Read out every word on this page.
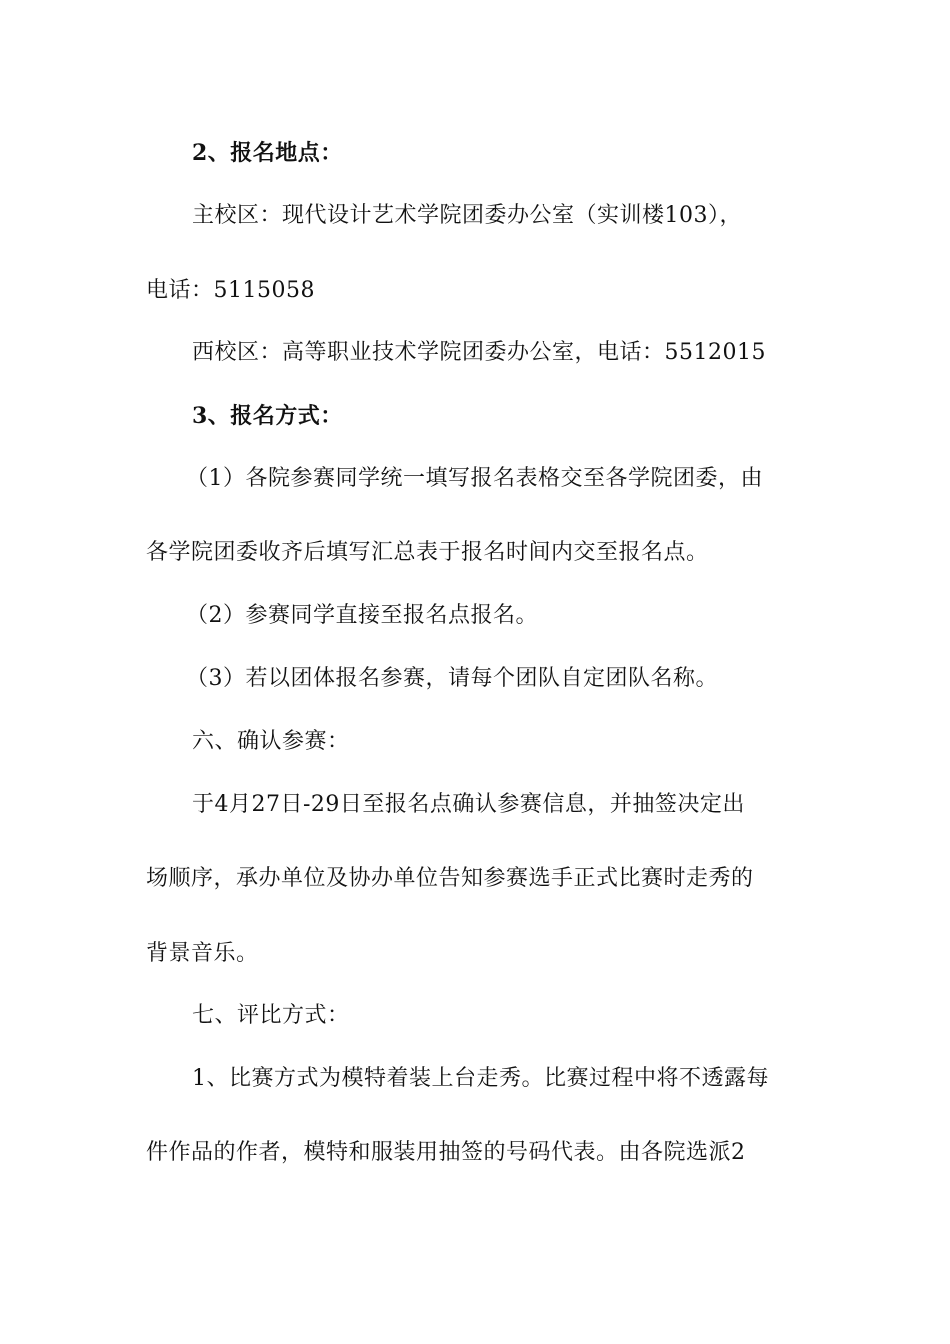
2、报名地点：
主校区：现代设计艺术学院团委办公室（实训楼103），
电话：5115058
西校区：高等职业技术学院团委办公室，电话：5512015
3、报名方式：
（1）各院参赛同学统一填写报名表格交至各学院团委，由
各学院团委收齐后填写汇总表于报名时间内交至报名点。
（2）参赛同学直接至报名点报名。
（3）若以团体报名参赛，请每个团队自定团队名称。
六、确认参赛：
于4月27日-29日至报名点确认参赛信息，并抽签决定出
场顺序，承办单位及协办单位告知参赛选手正式比赛时走秀的
背景音乐。
七、评比方式：
1、比赛方式为模特着装上台走秀。比赛过程中将不透露每
件作品的作者，模特和服装用抽签的号码代表。由各院选派2
